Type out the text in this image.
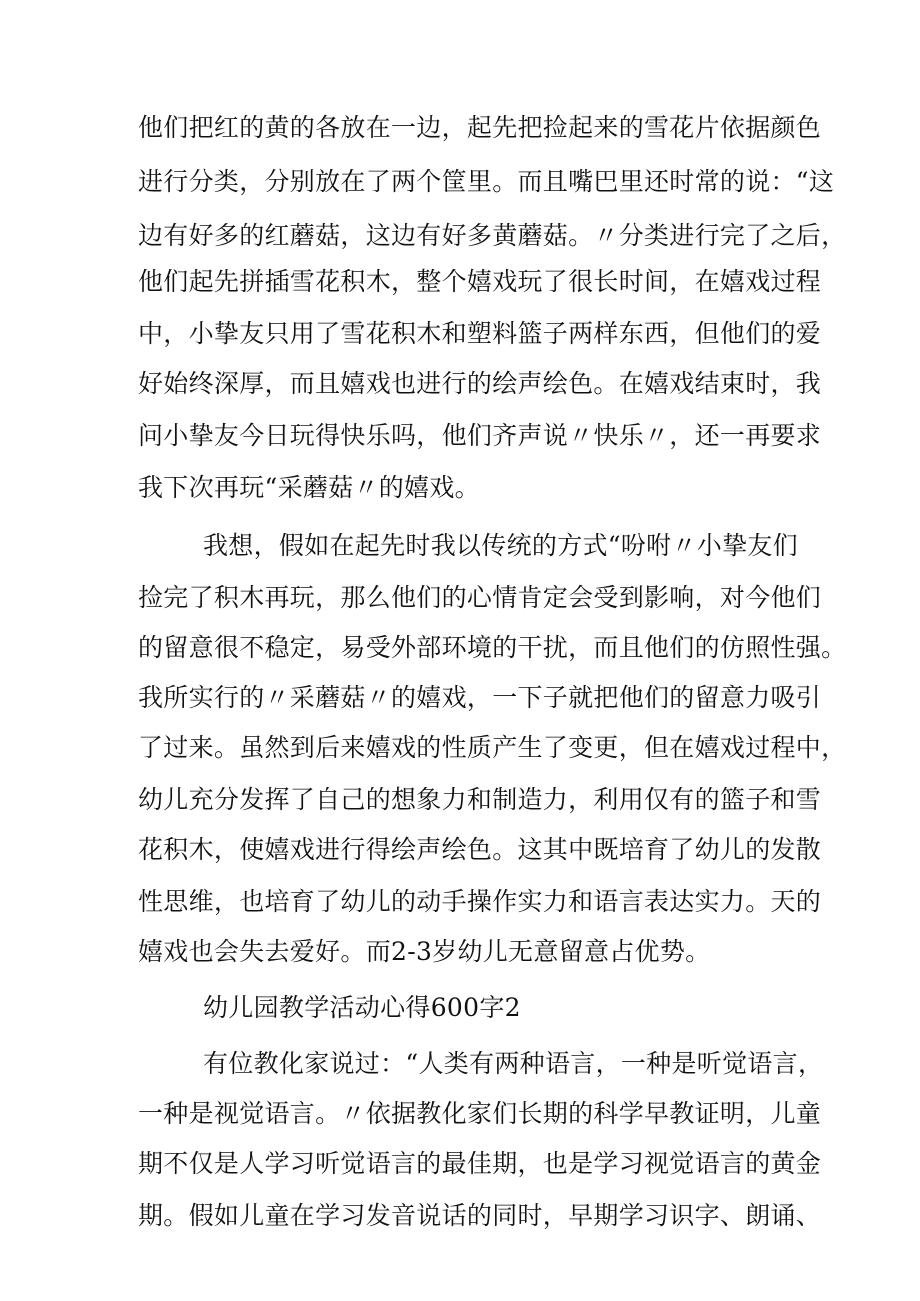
他们把红的黄的各放在一边，起先把捡起来的雪花片依据颜色
进行分类，分别放在了两个筐里。而且嘴巴里还时常的说：“这
边有好多的红蘑菇，这边有好多黄蘑菇。〃分类进行完了之后，
他们起先拼插雪花积木，整个嬉戏玩了很长时间，在嬉戏过程
中，小挚友只用了雪花积木和塑料篮子两样东西，但他们的爱
好始终深厚，而且嬉戏也进行的绘声绘色。在嬉戏结束时，我
问小挚友今日玩得快乐吗，他们齐声说〃快乐〃，还一再要求
我下次再玩“采蘑菇〃的嬉戏。
我想，假如在起先时我以传统的方式“吩咐〃小挚友们
捡完了积木再玩，那么他们的心情肯定会受到影响，对今他们
的留意很不稳定，易受外部环境的干扰，而且他们的仿照性强。
我所实行的〃采蘑菇〃的嬉戏，一下子就把他们的留意力吸引
了过来。虽然到后来嬉戏的性质产生了变更，但在嬉戏过程中，
幼儿充分发挥了自己的想象力和制造力，利用仅有的篮子和雪
花积木，使嬉戏进行得绘声绘色。这其中既培育了幼儿的发散
性思维，也培育了幼儿的动手操作实力和语言表达实力。天的
嬉戏也会失去爱好。而2-3岁幼儿无意留意占优势。
幼儿园教学活动心得600字2
有位教化家说过：“人类有两种语言，一种是听觉语言，
一种是视觉语言。〃依据教化家们长期的科学早教证明，儿童
期不仅是人学习听觉语言的最佳期，也是学习视觉语言的黄金
期。假如儿童在学习发音说话的同时，早期学习识字、朗诵、
